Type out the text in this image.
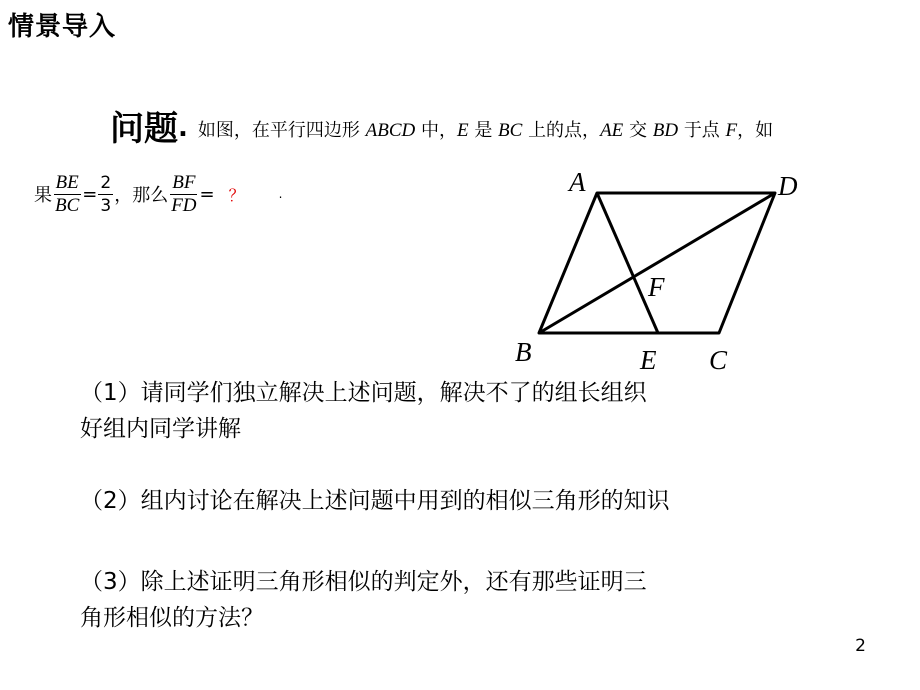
情景导入
问题. 如图，在平行四边形 ABCD 中，E 是 BC 上的点，AE 交 BD 于点 F，如
果 $\frac{BE}{BC} = \frac{2}{3}$ ，那么 $\frac{BF}{FD}$ = ？	.	A	D
F
B	E C
（1）请同学们独立解决上述问题，解决不了的组长组织
好组内同学讲解
（2）组内讨论在解决上述问题中用到的相似三角形的知识
（3）除上述证明三角形相似的判定外，还有那些证明三
角形相似的方法？
2
